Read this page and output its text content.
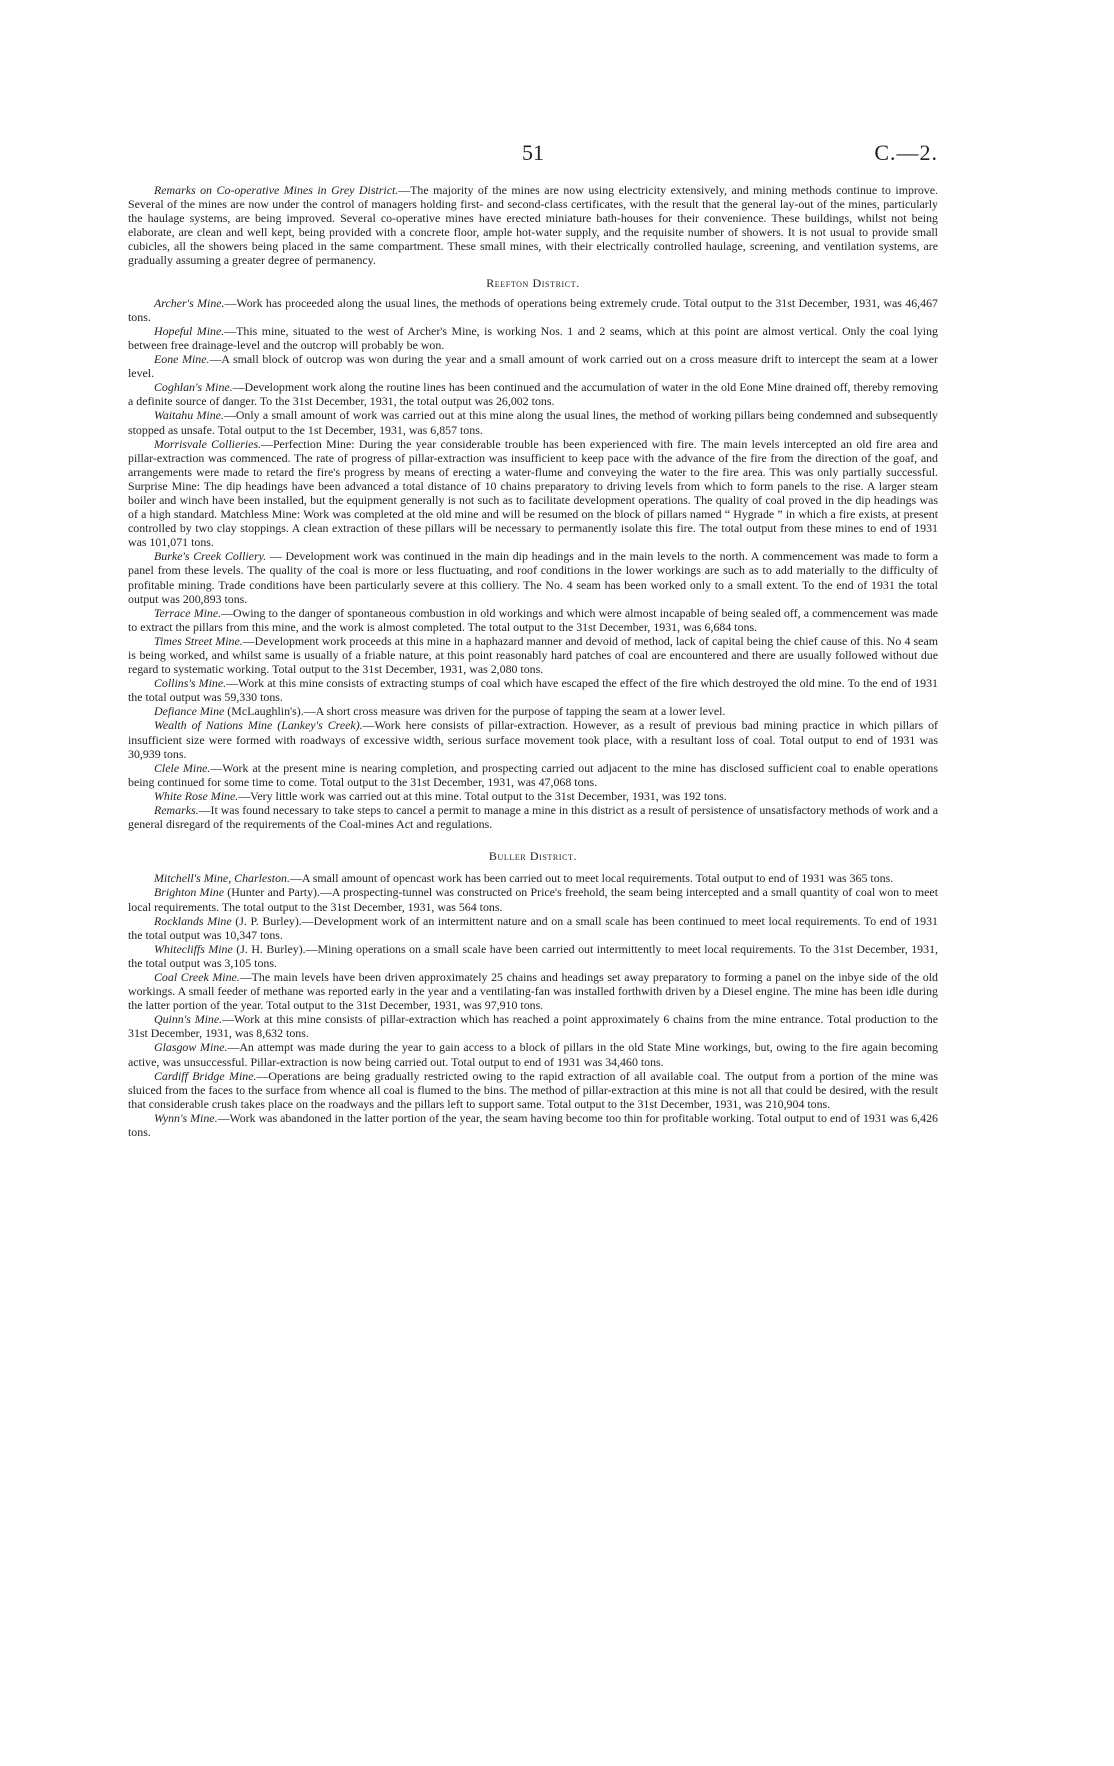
51	C.—2.

Remarks on Co-operative Mines in Grey District.—The majority of the mines are now using electricity extensively, and mining methods continue to improve. Several of the mines are now under the control of managers holding first- and second-class certificates, with the result that the general lay-out of the mines, particularly the haulage systems, are being improved. Several co-operative mines have erected miniature bath-houses for their convenience. These buildings, whilst not being elaborate, are clean and well kept, being provided with a concrete floor, ample hot-water supply, and the requisite number of showers. It is not usual to provide small cubicles, all the showers being placed in the same compartment. These small mines, with their electrically controlled haulage, screening, and ventilation systems, are gradually assuming a greater degree of permanency.

Reefton District.

Archer's Mine.—Work has proceeded along the usual lines, the methods of operations being extremely crude. Total output to the 31st December, 1931, was 46,467 tons.

Hopeful Mine.—This mine, situated to the west of Archer's Mine, is working Nos. 1 and 2 seams, which at this point are almost vertical. Only the coal lying between free drainage-level and the outcrop will probably be won.

Eone Mine.—A small block of outcrop was won during the year and a small amount of work carried out on a cross measure drift to intercept the seam at a lower level.

Coghlan's Mine.—Development work along the routine lines has been continued and the accumulation of water in the old Eone Mine drained off, thereby removing a definite source of danger. To the 31st December, 1931, the total output was 26,002 tons.

Waitahu Mine.—Only a small amount of work was carried out at this mine along the usual lines, the method of working pillars being condemned and subsequently stopped as unsafe. Total output to the 1st December, 1931, was 6,857 tons.

Morrisvale Collieries.—Perfection Mine: During the year considerable trouble has been experienced with fire. The main levels intercepted an old fire area and pillar-extraction was commenced. The rate of progress of pillar-extraction was insufficient to keep pace with the advance of the fire from the direction of the goaf, and arrangements were made to retard the fire's progress by means of erecting a water-flume and conveying the water to the fire area. This was only partially successful. Surprise Mine: The dip headings have been advanced a total distance of 10 chains preparatory to driving levels from which to form panels to the rise. A larger steam boiler and winch have been installed, but the equipment generally is not such as to facilitate development operations. The quality of coal proved in the dip headings was of a high standard. Matchless Mine: Work was completed at the old mine and will be resumed on the block of pillars named “ Hygrade ” in which a fire exists, at present controlled by two clay stoppings. A clean extraction of these pillars will be necessary to permanently isolate this fire. The total output from these mines to end of 1931 was 101,071 tons.

Burke's Creek Colliery. — Development work was continued in the main dip headings and in the main levels to the north. A commencement was made to form a panel from these levels. The quality of the coal is more or less fluctuating, and roof conditions in the lower workings are such as to add materially to the difficulty of profitable mining. Trade conditions have been particularly severe at this colliery. The No. 4 seam has been worked only to a small extent. To the end of 1931 the total output was 200,893 tons.

Terrace Mine.—Owing to the danger of spontaneous combustion in old workings and which were almost incapable of being sealed off, a commencement was made to extract the pillars from this mine, and the work is almost completed. The total output to the 31st December, 1931, was 6,684 tons.

Times Street Mine.—Development work proceeds at this mine in a haphazard manner and devoid of method, lack of capital being the chief cause of this. No 4 seam is being worked, and whilst same is usually of a friable nature, at this point reasonably hard patches of coal are encountered and there are usually followed without due regard to systematic working. Total output to the 31st December, 1931, was 2,080 tons.

Collins's Mine.—Work at this mine consists of extracting stumps of coal which have escaped the effect of the fire which destroyed the old mine. To the end of 1931 the total output was 59,330 tons.

Defiance Mine (McLaughlin's).—A short cross measure was driven for the purpose of tapping the seam at a lower level.

Wealth of Nations Mine (Lankey's Creek).—Work here consists of pillar-extraction. However, as a result of previous bad mining practice in which pillars of insufficient size were formed with roadways of excessive width, serious surface movement took place, with a resultant loss of coal. Total output to end of 1931 was 30,939 tons.

Clele Mine.—Work at the present mine is nearing completion, and prospecting carried out adjacent to the mine has disclosed sufficient coal to enable operations being continued for some time to come. Total output to the 31st December, 1931, was 47,068 tons.

White Rose Mine.—Very little work was carried out at this mine. Total output to the 31st December, 1931, was 192 tons.

Remarks.—It was found necessary to take steps to cancel a permit to manage a mine in this district as a result of persistence of unsatisfactory methods of work and a general disregard of the requirements of the Coal-mines Act and regulations.

Buller District.

Mitchell's Mine, Charleston.—A small amount of opencast work has been carried out to meet local requirements. Total output to end of 1931 was 365 tons.

Brighton Mine (Hunter and Party).—A prospecting-tunnel was constructed on Price's freehold, the seam being intercepted and a small quantity of coal won to meet local requirements. The total output to the 31st December, 1931, was 564 tons.

Rocklands Mine (J. P. Burley).—Development work of an intermittent nature and on a small scale has been continued to meet local requirements. To end of 1931 the total output was 10,347 tons.

Whitecliffs Mine (J. H. Burley).—Mining operations on a small scale have been carried out intermittently to meet local requirements. To the 31st December, 1931, the total output was 3,105 tons.

Coal Creek Mine.—The main levels have been driven approximately 25 chains and headings set away preparatory to forming a panel on the inbye side of the old workings. A small feeder of methane was reported early in the year and a ventilating-fan was installed forthwith driven by a Diesel engine. The mine has been idle during the latter portion of the year. Total output to the 31st December, 1931, was 97,910 tons.

Quinn's Mine.—Work at this mine consists of pillar-extraction which has reached a point approximately 6 chains from the mine entrance. Total production to the 31st December, 1931, was 8,632 tons.

Glasgow Mine.—An attempt was made during the year to gain access to a block of pillars in the old State Mine workings, but, owing to the fire again becoming active, was unsuccessful. Pillar-extraction is now being carried out. Total output to end of 1931 was 34,460 tons.

Cardiff Bridge Mine.—Operations are being gradually restricted owing to the rapid extraction of all available coal. The output from a portion of the mine was sluiced from the faces to the surface from whence all coal is flumed to the bins. The method of pillar-extraction at this mine is not all that could be desired, with the result that considerable crush takes place on the roadways and the pillars left to support same. Total output to the 31st December, 1931, was 210,904 tons.

Wynn's Mine.—Work was abandoned in the latter portion of the year, the seam having become too thin for profitable working. Total output to end of 1931 was 6,426 tons.
